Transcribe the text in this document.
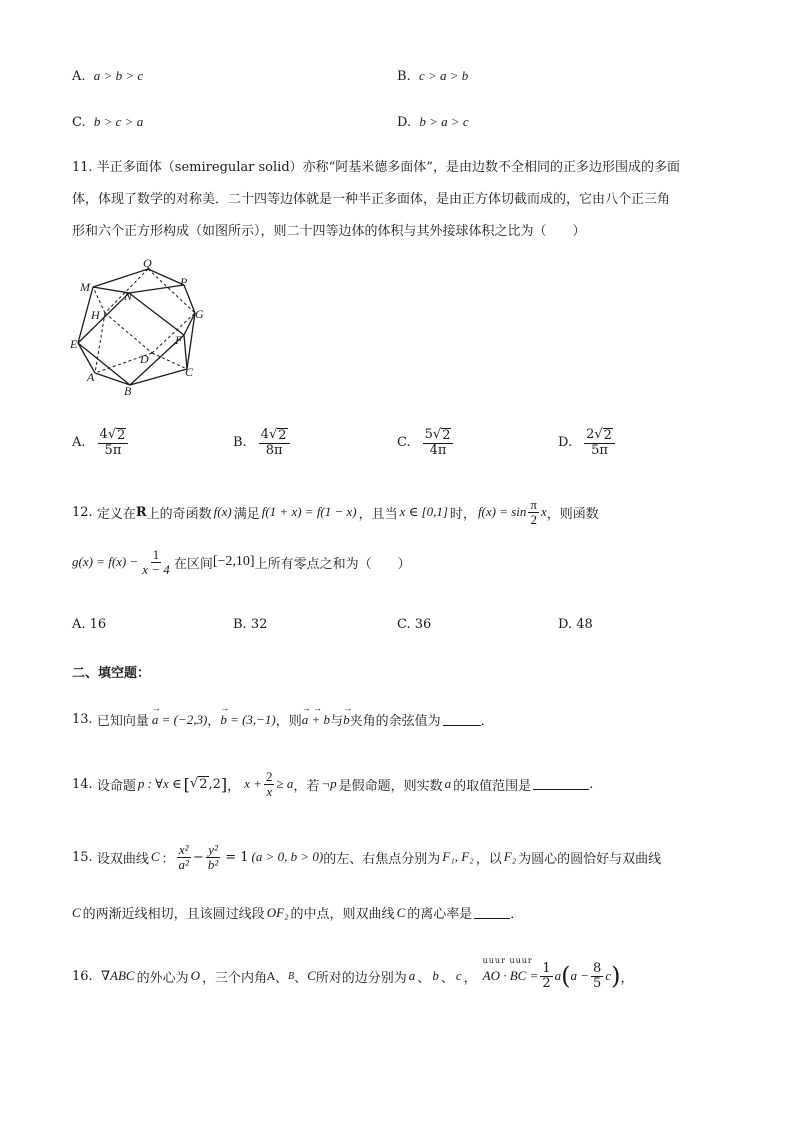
A. a > b > c	B. c > a > b
C. b > c > a	D. b > a > c
11. 半正多面体（semiregular solid）亦称“阿基米德多面体”，是由边数不全相同的正多边形围成的多面
体，体现了数学的对称美．二十四等边体就是一种半正多面体，是由正方体切截而成的，它由八个正三角
形和六个正方形构成（如图所示），则二十四等边体的体积与其外接球体积之比为（　　）
Q
P
M
N
H	G
E	F
D
A	C
B
A. $\frac{4 √ 2}{5\pi}$	B. $\frac{4 √ 2}{8\pi}$	C. $\frac{5 √ 2}{4\pi}$	D. $\frac{2 √ 2}{5\pi}$
12.
定义在 R 上的奇函数 f(x) 满足 f(1 + x) = f(1 − x) ，且当 x ∈ [0,1] 时， $f(x) = \sin \frac{\pi}{2}$ x ，则函数
$g(x) = f(x) - \frac{1}{x - 4}$ 在区间 [−2,10] 上所有零点之和为（　　）
A. 16	B. 32	C. 36	D. 48
二、填空题：
13.
已知向量
→
a = (−2,3) ，
→
b = (3,−1) ，则
→ →
a + b 与
→
b 夹角的余弦值为	．
14.
设命题 p : ∀x ∈ [ √ 2 ,2 ] ， $x + \frac{2}{x} \ge a$ ，若 ¬p 是假命题，则实数 a 的取值范围是	.
15.
设双曲线 C ： $\frac{\text{x²}}{\text{a²}} - \frac{\text{y²}}{\text{b²}} = 1$ (a > 0, b > 0) 的左、右焦点分别为 F₁, F₂ ，以 F₂ 为圆心的圆恰好与双曲线
C 的两渐近线相切，且该圆过线段 OF₂ 的中点，则双曲线 C 的离心率是	．
16.
∇ABC 的外心为 O ，三个内角 A 、 B 、 C 所对的边分别为 a 、 b 、 c ，
uuur uuur
AO · BC = $\frac{1}{2}$ a ( $a - \frac{8}{5}$ c ) ，
